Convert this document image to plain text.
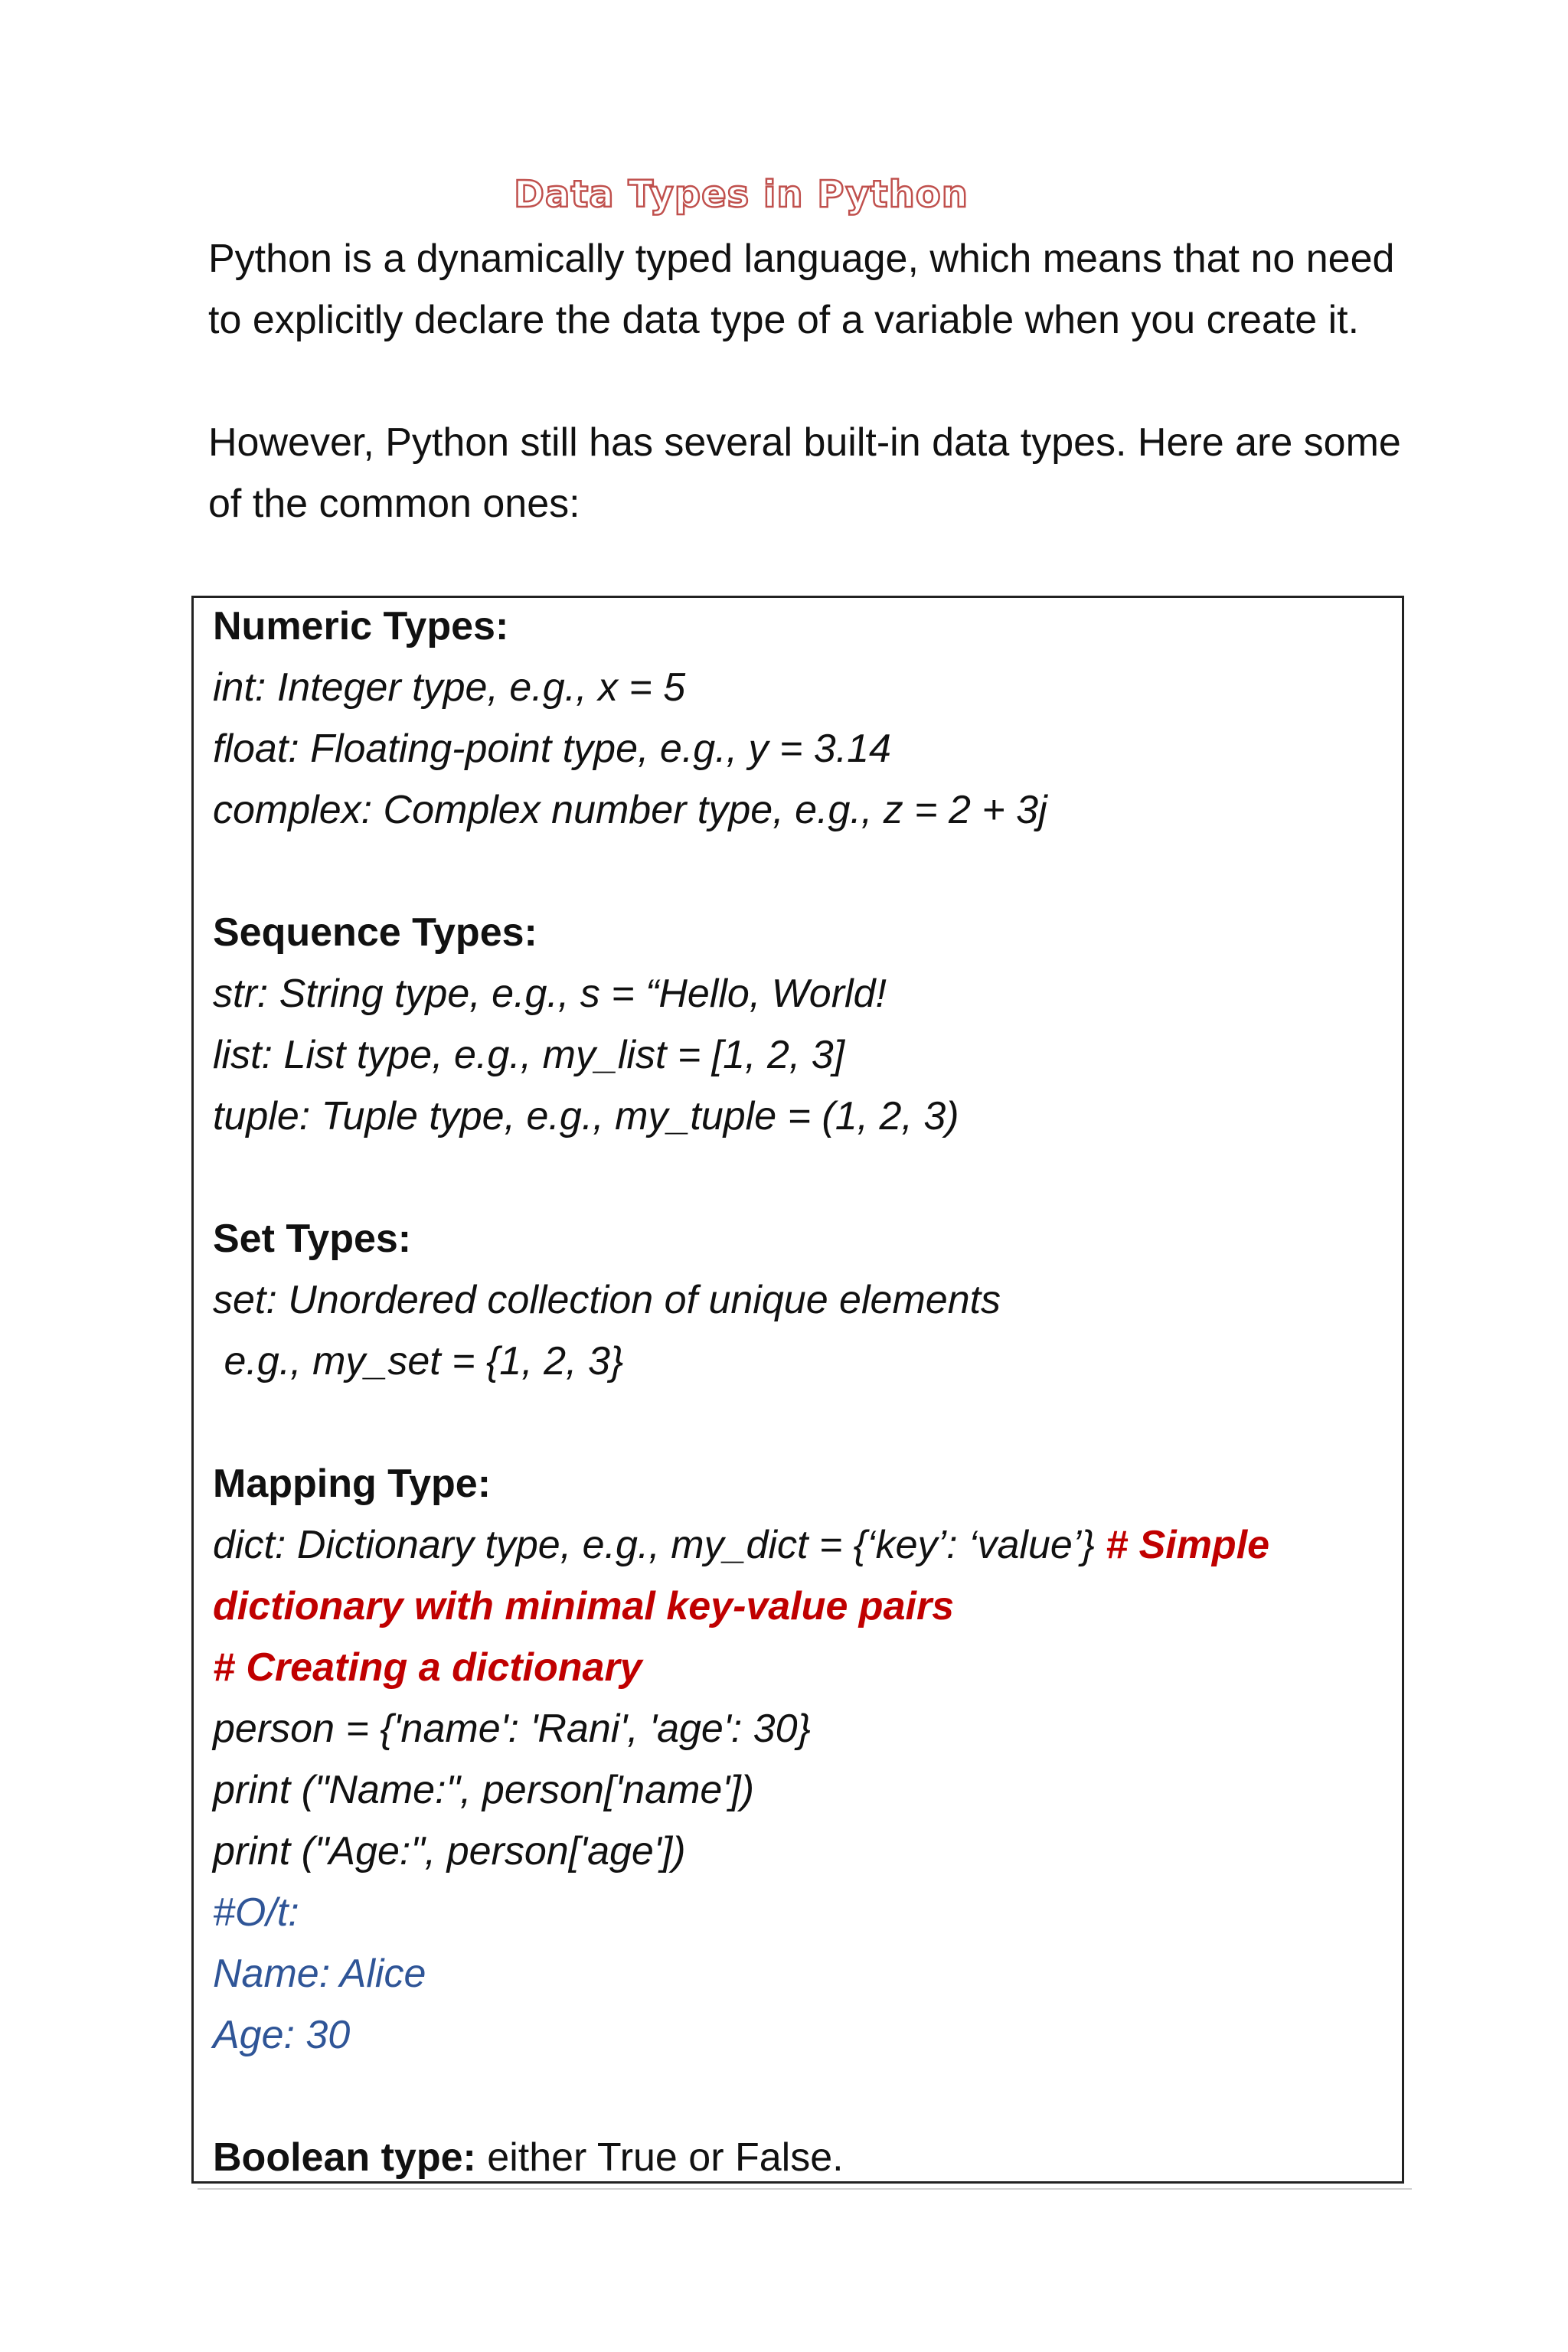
Data Types in Python

Python is a dynamically typed language, which means that no need to explicitly declare the data type of a variable when you create it.

However, Python still has several built-in data types. Here are some of the common ones:

Numeric Types:
int: Integer type, e.g., x = 5
float: Floating-point type, e.g., y = 3.14
complex: Complex number type, e.g., z = 2 + 3j
Sequence Types:
str: String type, e.g., s = “Hello, World!
list: List type, e.g., my_list = [1, 2, 3]
tuple: Tuple type, e.g., my_tuple = (1, 2, 3)
Set Types:
set: Unordered collection of unique elements
e.g., my_set = {1, 2, 3}
Mapping Type:
dict: Dictionary type, e.g., my_dict = {‘key’: ‘value’} # Simple
dictionary with minimal key-value pairs
# Creating a dictionary
person = {'name': 'Rani', 'age': 30}
print ("Name:", person['name'])
print ("Age:", person['age'])
#O/t:
Name: Alice
Age: 30
Boolean type: either True or False.
